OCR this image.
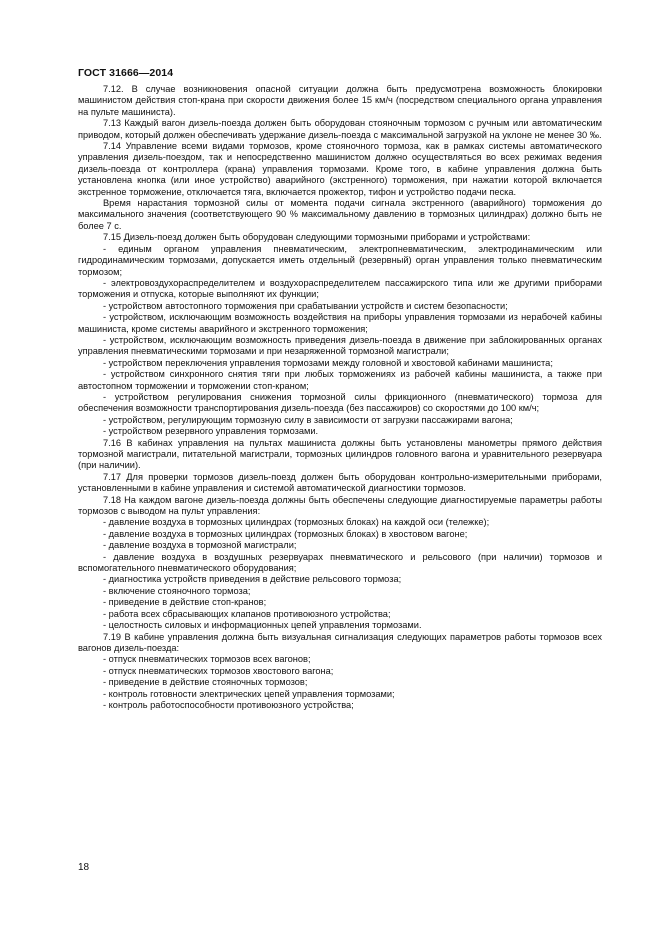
ГОСТ 31666—2014

7.12. В случае возникновения опасной ситуации должна быть предусмотрена возможность блокировки машинистом действия стоп-крана при скорости движения более 15 км/ч (посредством специального органа управления на пульте машиниста).

7.13 Каждый вагон дизель-поезда должен быть оборудован стояночным тормозом с ручным или автоматическим приводом, который должен обеспечивать удержание дизель-поезда с максимальной загрузкой на уклоне не менее 30 ‰.

7.14 Управление всеми видами тормозов, кроме стояночного тормоза, как в рамках системы автоматического управления дизель-поездом, так и непосредственно машинистом должно осуществляться во всех режимах ведения дизель-поезда от контроллера (крана) управления тормозами. Кроме того, в кабине управления должна быть установлена кнопка (или иное устройство) аварийного (экстренного) торможения, при нажатии которой включается экстренное торможение, отключается тяга, включается прожектор, тифон и устройство подачи песка.

Время нарастания тормозной силы от момента подачи сигнала экстренного (аварийного) торможения до максимального значения (соответствующего 90 % максимальному давлению в тормозных цилиндрах) должно быть не более 7 с.

7.15 Дизель-поезд должен быть оборудован следующими тормозными приборами и устройствами:

- единым органом управления пневматическим, электропневматическим, электродинамическим или гидродинамическим тормозами, допускается иметь отдельный (резервный) орган управления только пневматическим тормозом;

- электровоздухораспределителем и воздухораспределителем пассажирского типа или же другими приборами торможения и отпуска, которые выполняют их функции;

- устройством автостопного торможения при срабатывании устройств и систем безопасности;

- устройством, исключающим возможность воздействия на приборы управления тормозами из нерабочей кабины машиниста, кроме системы аварийного и экстренного торможения;

- устройством, исключающим возможность приведения дизель-поезда в движение при заблокированных органах управления пневматическими тормозами и при незаряженной тормозной магистрали;

- устройством переключения управления тормозами между головной и хвостовой кабинами машиниста;

- устройством синхронного снятия тяги при любых торможениях из рабочей кабины машиниста, а также при автостопном торможении и торможении стоп-краном;

- устройством регулирования снижения тормозной силы фрикционного (пневматического) тормоза для обеспечения возможности транспортирования дизель-поезда (без пассажиров) со скоростями до 100 км/ч;

- устройством, регулирующим тормозную силу в зависимости от загрузки пассажирами вагона;

- устройством резервного управления тормозами.

7.16 В кабинах управления на пультах машиниста должны быть установлены манометры прямого действия тормозной магистрали, питательной магистрали, тормозных цилиндров головного вагона и уравнительного резервуара (при наличии).

7.17 Для проверки тормозов дизель-поезд должен быть оборудован контрольно-измерительными приборами, установленными в кабине управления и системой автоматической диагностики тормозов.

7.18 На каждом вагоне дизель-поезда должны быть обеспечены следующие диагностируемые параметры работы тормозов с выводом на пульт управления:

- давление воздуха в тормозных цилиндрах (тормозных блоках) на каждой оси (тележке);

- давление воздуха в тормозных цилиндрах (тормозных блоках) в хвостовом вагоне;

- давление воздуха в тормозной магистрали;

- давление воздуха в воздушных резервуарах пневматического и рельсового (при наличии) тормозов и вспомогательного пневматического оборудования;

- диагностика устройств приведения в действие рельсового тормоза;

- включение стояночного тормоза;

- приведение в действие стоп-кранов;

- работа всех сбрасывающих клапанов противоюзного устройства;

- целостность силовых и информационных цепей управления тормозами.

7.19 В кабине управления должна быть визуальная сигнализация следующих параметров работы тормозов всех вагонов дизель-поезда:

- отпуск пневматических тормозов всех вагонов;

- отпуск пневматических тормозов хвостового вагона;

- приведение в действие стояночных тормозов;

- контроль готовности электрических цепей управления тормозами;

- контроль работоспособности противоюзного устройства;

18
